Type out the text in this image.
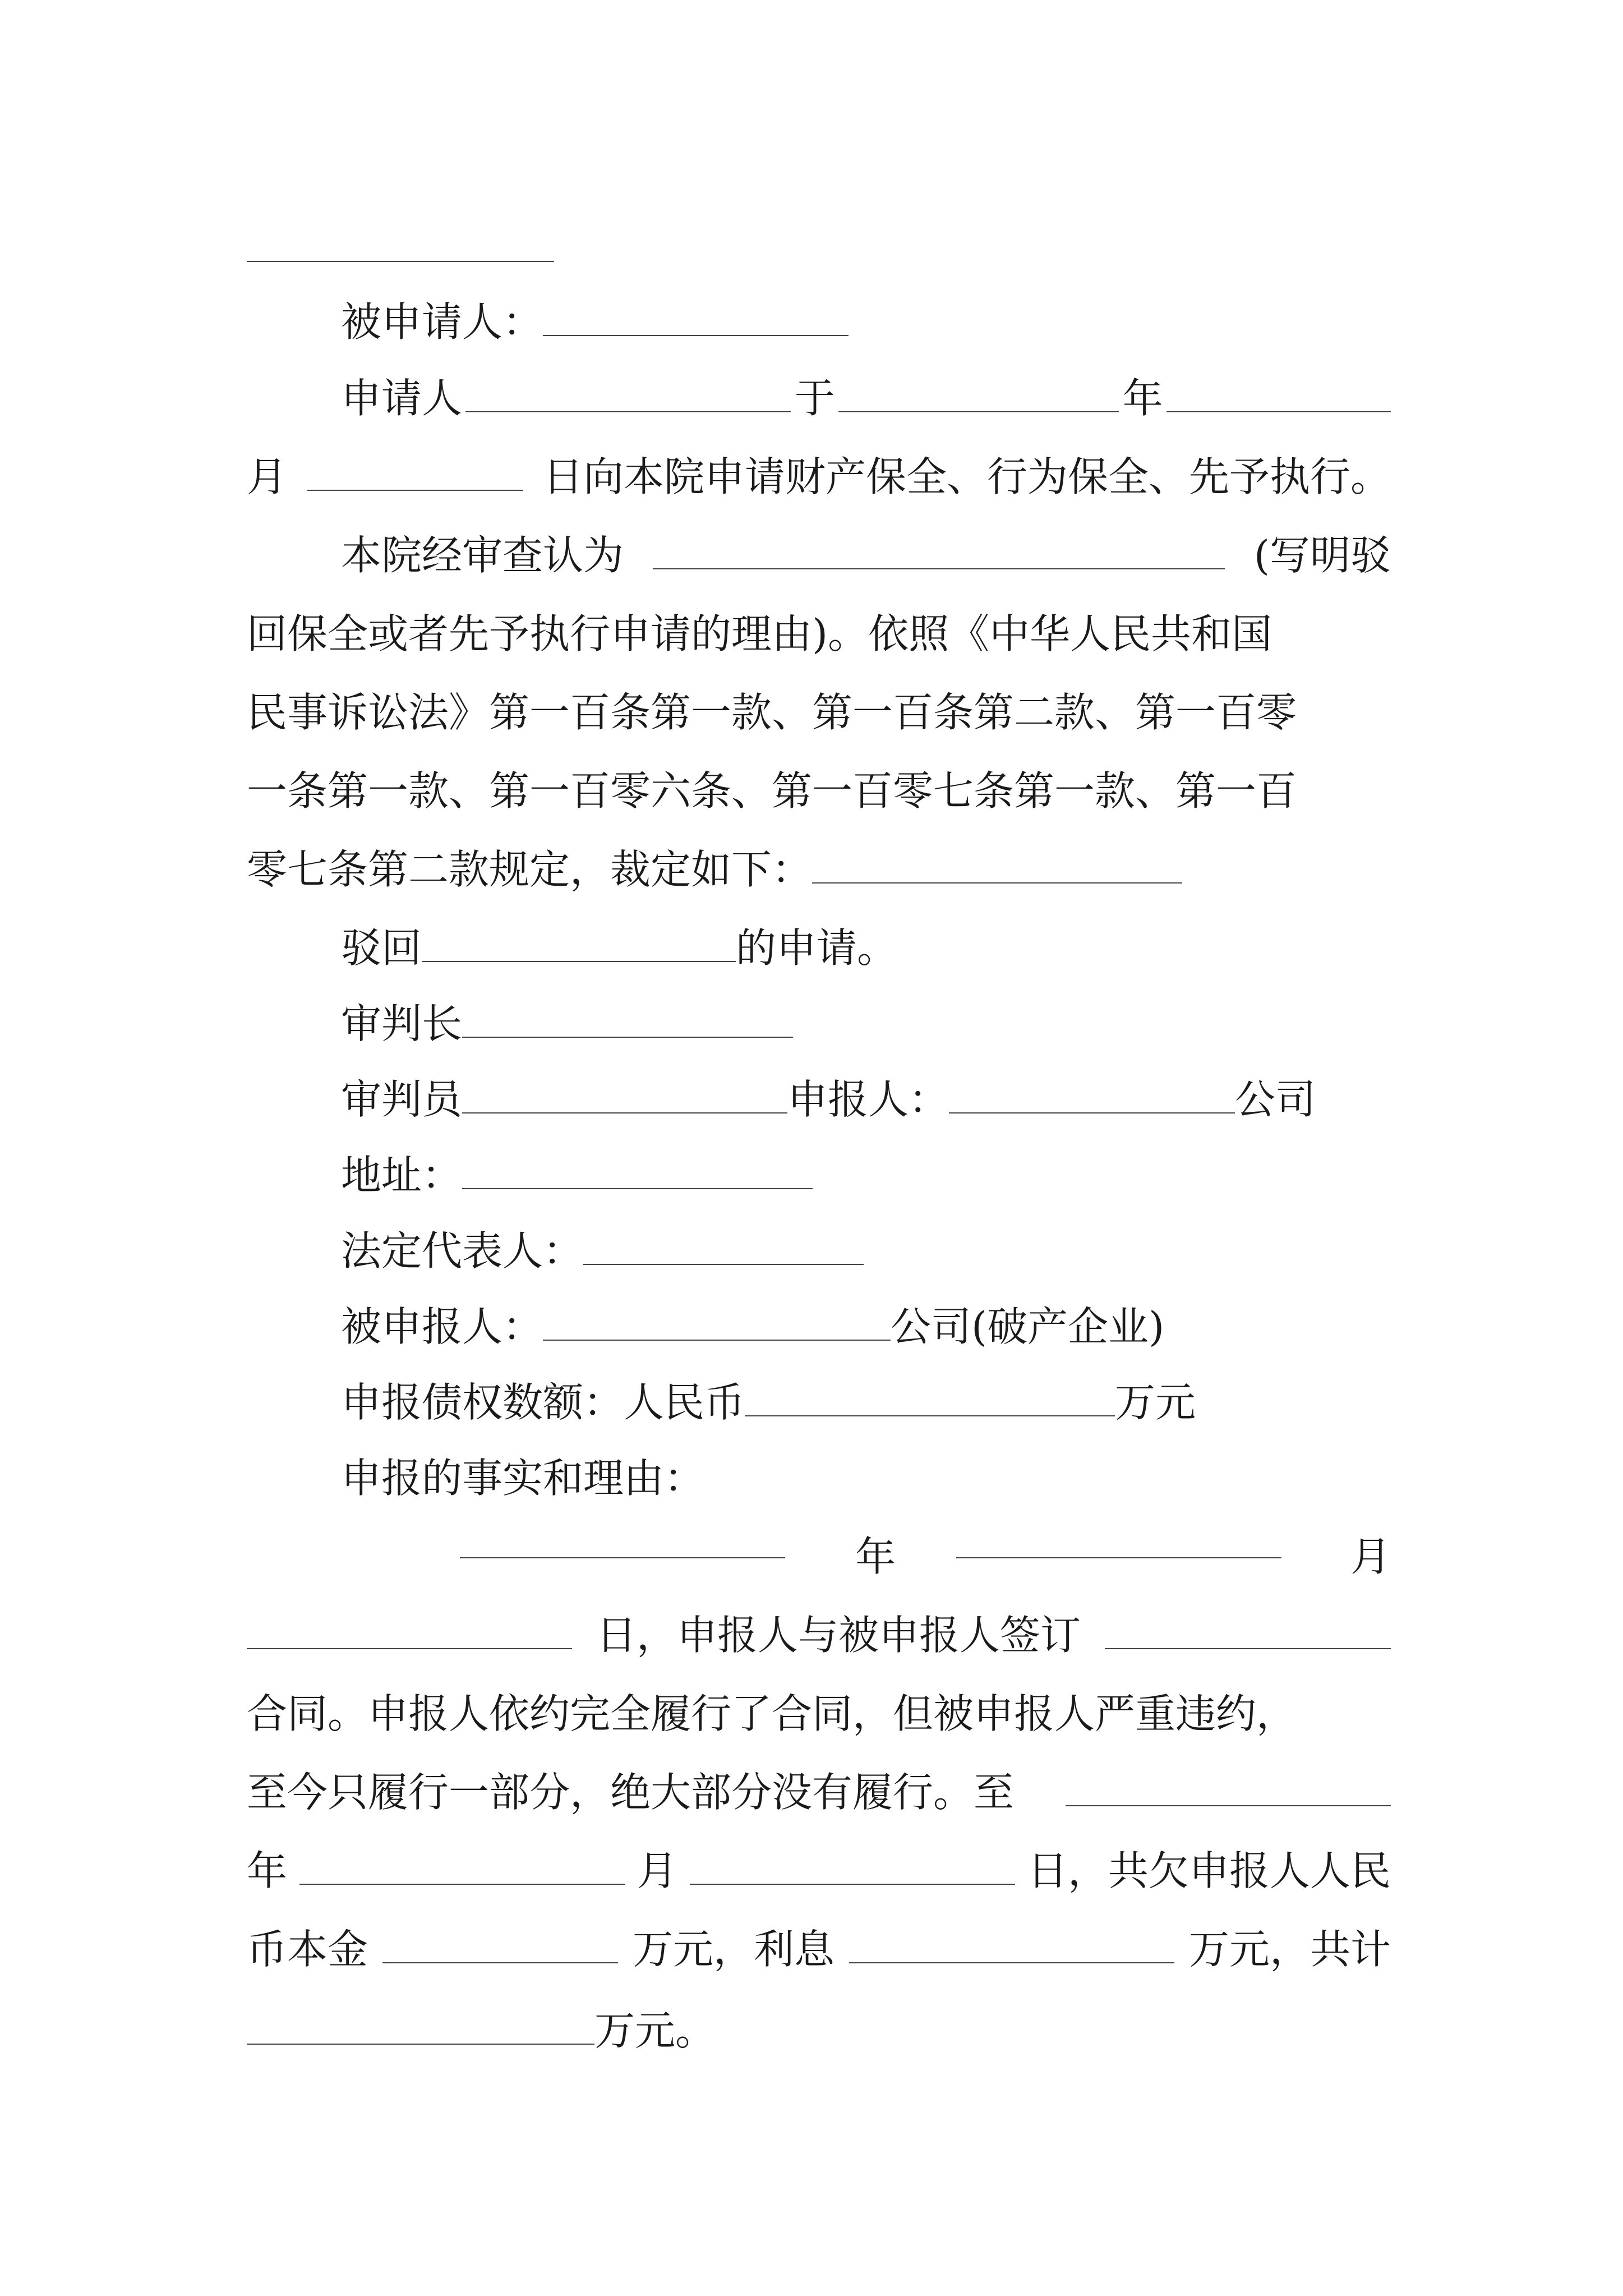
被申请人：
申请人	于	年
月	日向本院申请财产保全、行为保全、先予执行。
本院经审查认为	(写明驳
回保全或者先予执行申请的理由)。依照《中华人民共和国
民事诉讼法》第一百条第一款、第一百条第二款、第一百零
一条第一款、第一百零六条、第一百零七条第一款、第一百
零七条第二款规定，裁定如下：
驳回	的申请。
审判长
审判员	申报人：	公司
地址：
法定代表人：
被申报人：	公司(破产企业)
申报债权数额：人民币	万元
申报的事实和理由：
年	月
日，申报人与被申报人签订
合同。申报人依约完全履行了合同，但被申报人严重违约，
至今只履行一部分，绝大部分没有履行。至
年	月	日，共欠申报人人民
币本金	万元，利息	万元，共计
万元。
